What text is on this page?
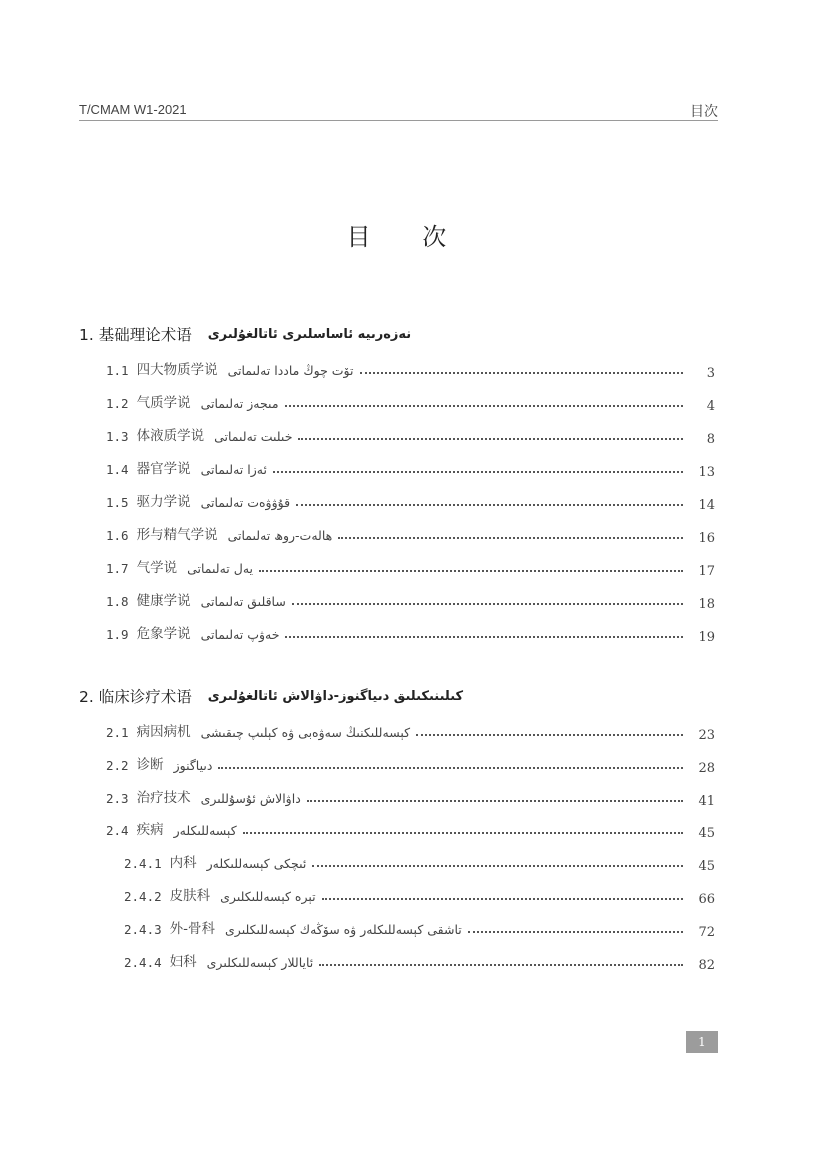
T/CMAM W1-2021	目次
目 次
1. 基础理论术语 نەزەرىيە ئاساسلىرى ئاتالغۇلىرى
1.1 四大物质学说 تۆت چوڭ ماددا تەلىماتى	3
1.2 气质学说 مىجەز تەلىماتى	4
1.3 体液质学说 خىلىت تەلىماتى	8
1.4 器官学说 ئەزا تەلىماتى	13
1.5 驱力学说 قۇۋۋەت تەلىماتى	14
1.6 形与精气学说 ھالەت-روھ تەلىماتى	16
1.7 气学说 يەل تەلىماتى	17
1.8 健康学说 ساقلىق تەلىماتى	18
1.9 危象学说 خەۋپ تەلىماتى	19
2. 临床诊疗术语 كىلىنىكىلىق دىياگنوز-داۋالاش ئاتالغۇلىرى
2.1 病因病机 كېسەللىكنىڭ سەۋەبى ۋە كېلىپ چىقىشى	23
2.2 诊断 دىياگنوز	28
2.3 治疗技术 داۋالاش ئۇسۇللىرى	41
2.4 疾病 كېسەللىكلەر	45
2.4.1 内科 ئىچكى كېسەللىكلەر	45
2.4.2 皮肤科 تېرە كېسەللىكلىرى	66
2.4.3 外-骨科 تاشقى كېسەللىكلەر ۋە سۆڭەك كېسەللىكلىرى	72
2.4.4 妇科 ئاياللار كېسەللىكلىرى	82
1
